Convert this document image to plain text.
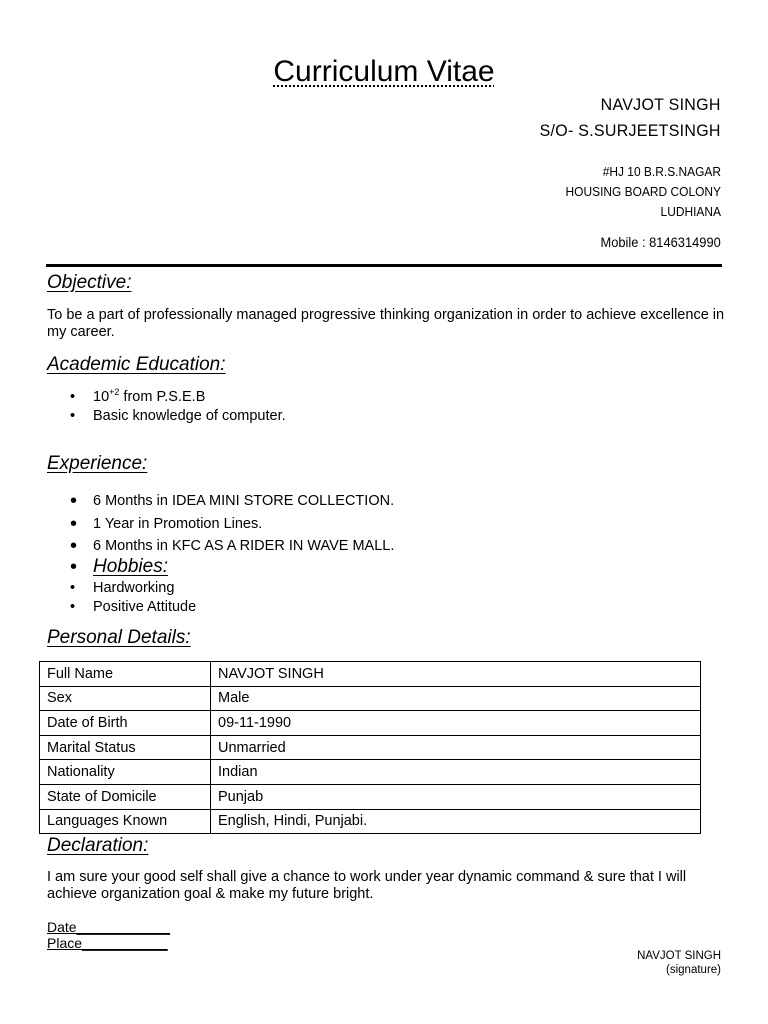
Curriculum Vitae
NAVJOT SINGH
S/O- S.SURJEETSINGH
#HJ 10 B.R.S.NAGAR
HOUSING BOARD COLONY
LUDHIANA
Mobile : 8146314990
Objective:
To be a part of professionally managed progressive thinking organization in order to achieve excellence in my career.
Academic Education:
• $10^{+2}$ from P.S.E.B
• Basic knowledge of computer.
Experience:
• 6 Months in IDEA MINI STORE COLLECTION.
• 1 Year in Promotion Lines.
• 6 Months in KFC AS A RIDER IN WAVE MALL.
• Hobbies:
• Hardworking
• Positive Attitude
Personal Details:
Full Name	NAVJOT SINGH
Sex	Male
Date of Birth	09-11-1990
Marital Status	Unmarried
Nationality	Indian
State of Domicile	Punjab
Languages Known	English, Hindi, Punjabi.
Declaration:
I am sure your good self shall give a chance to work under year dynamic command & sure that I will achieve organization goal & make my future bright.
Date____________
Place___________
NAVJOT SINGH
(signature)
